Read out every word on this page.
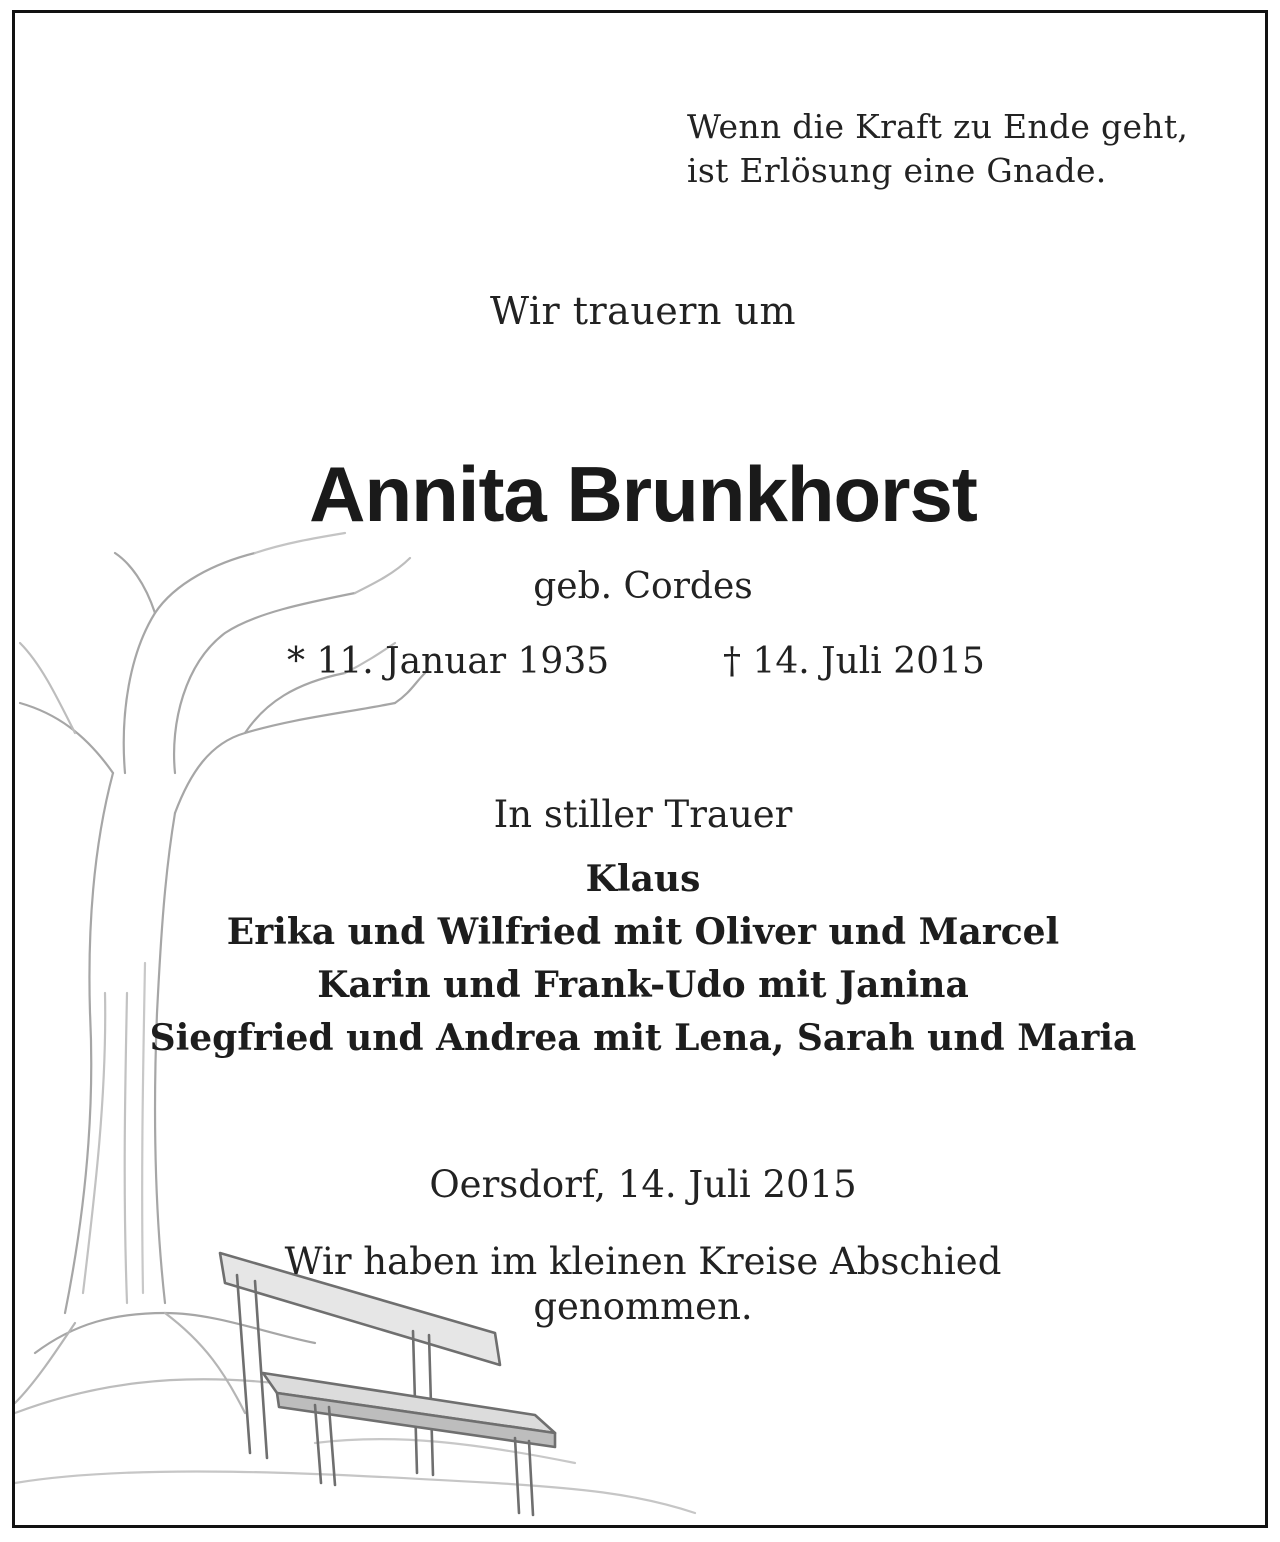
Wenn die Kraft zu Ende geht,
ist Erlösung eine Gnade.
Wir trauern um
Annita Brunkhorst
geb. Cordes
* 11. Januar 1935	† 14. Juli 2015
In stiller Trauer
Klaus
Erika und Wilfried mit Oliver und Marcel
Karin und Frank-Udo mit Janina
Siegfried und Andrea mit Lena, Sarah und Maria
Oersdorf, 14. Juli 2015
Wir haben im kleinen Kreise Abschied
genommen.
